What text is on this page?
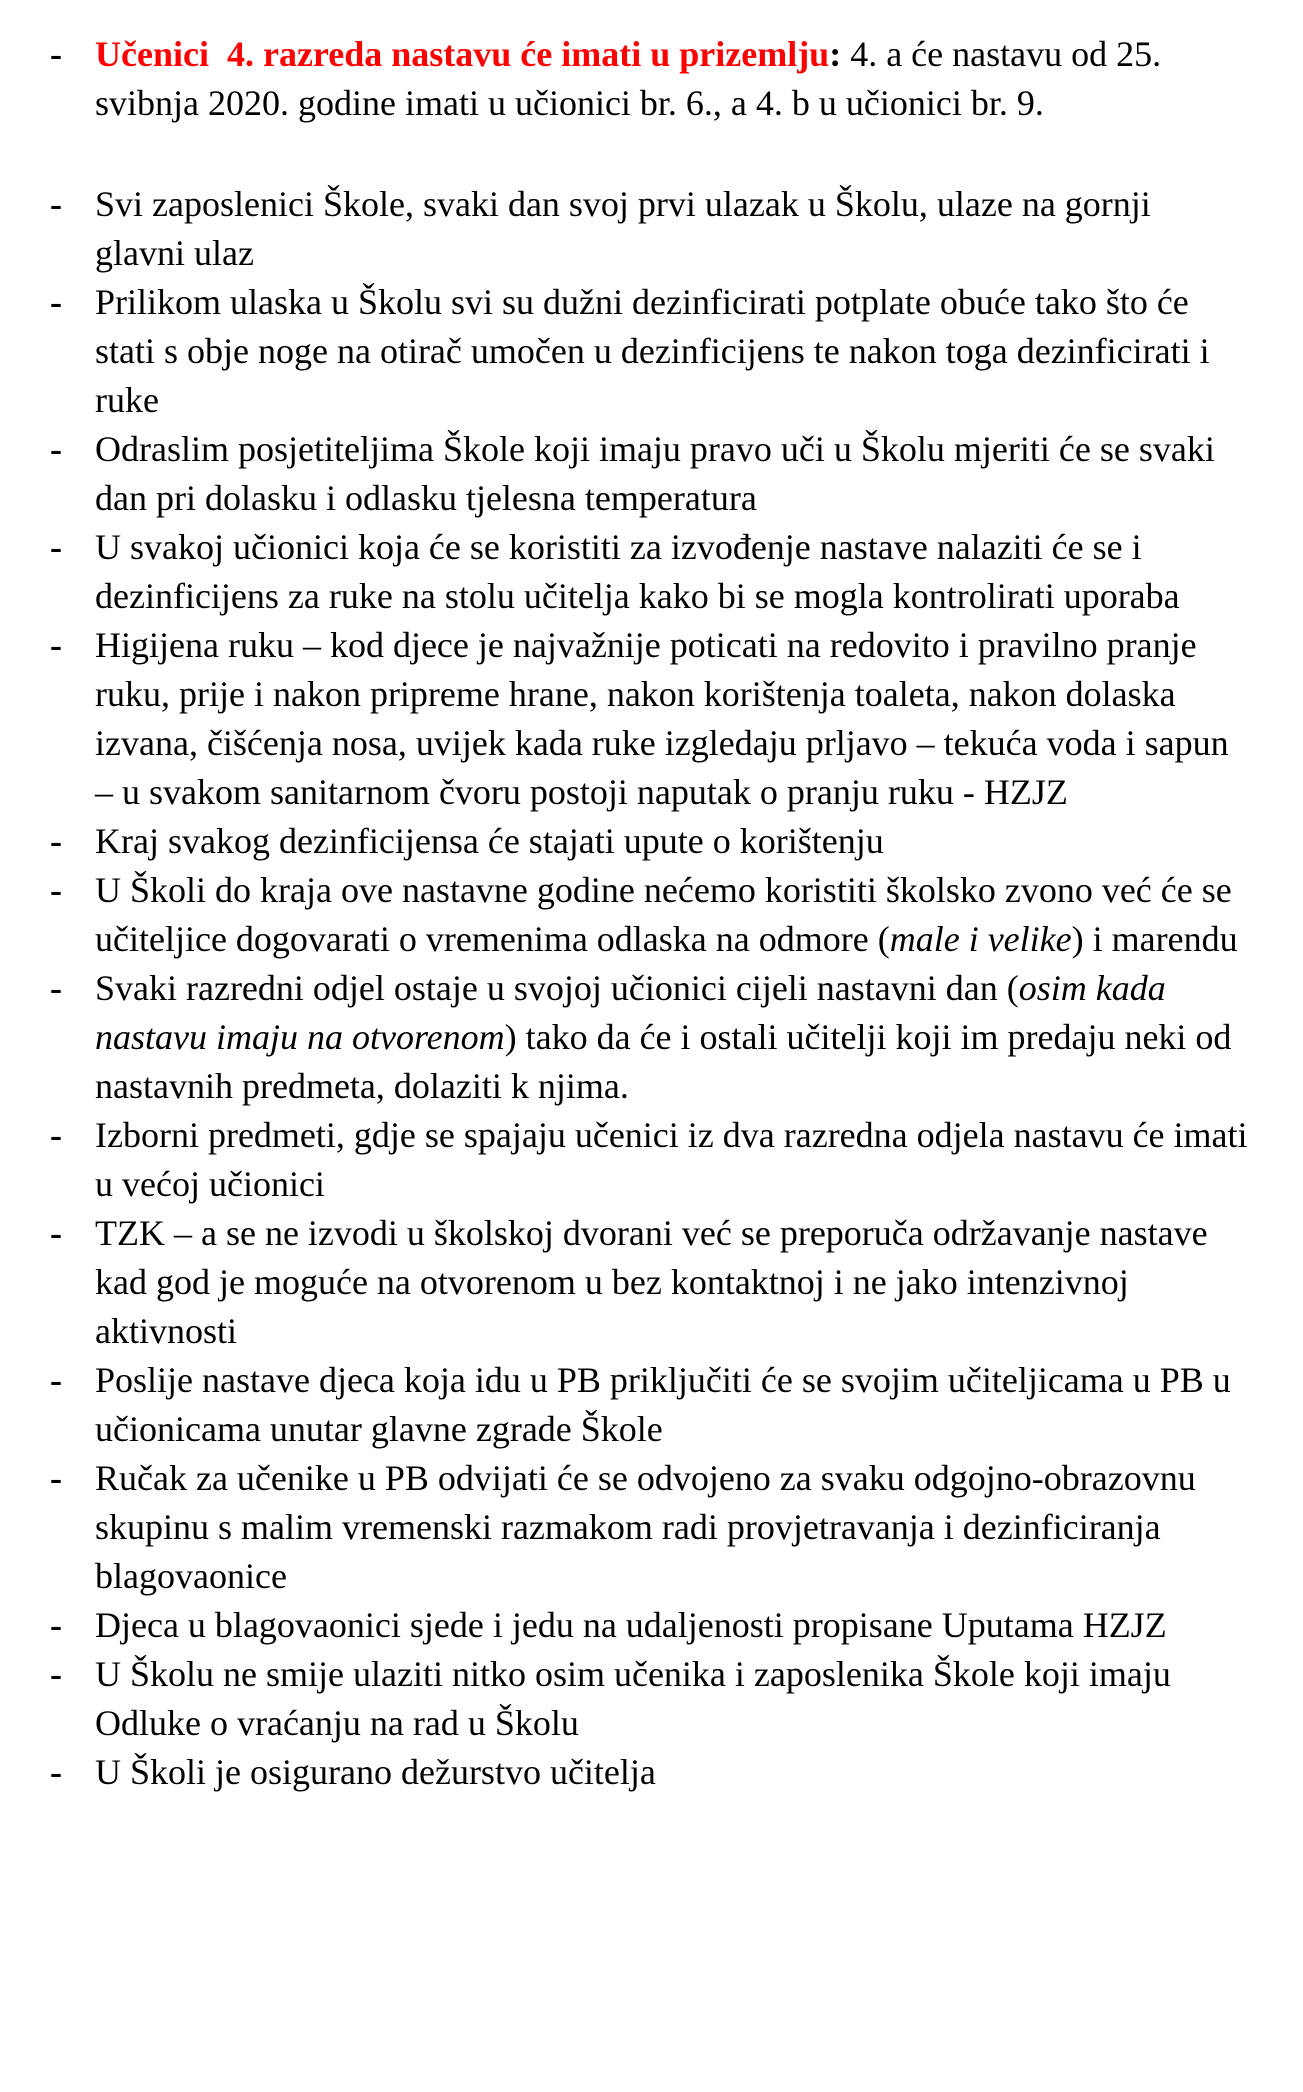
- Učenici  4. razreda nastavu će imati u prizemlju: 4. a će nastavu od 25. svibnja 2020. godine imati u učionici br. 6., a 4. b u učionici br. 9.
- Svi zaposlenici Škole, svaki dan svoj prvi ulazak u Školu, ulaze na gornji glavni ulaz
- Prilikom ulaska u Školu svi su dužni dezinficirati potplate obuće tako što će stati s obje noge na otirač umočen u dezinficijens te nakon toga dezinficirati i ruke
- Odraslim posjetiteljima Škole koji imaju pravo uči u Školu mjeriti će se svaki dan pri dolasku i odlasku tjelesna temperatura
- U svakoj učionici koja će se koristiti za izvođenje nastave nalaziti će se i dezinficijens za ruke na stolu učitelja kako bi se mogla kontrolirati uporaba
- Higijena ruku – kod djece je najvažnije poticati na redovito i pravilno pranje ruku, prije i nakon pripreme hrane, nakon korištenja toaleta, nakon dolaska izvana, čišćenja nosa, uvijek kada ruke izgledaju prljavo – tekuća voda i sapun – u svakom sanitarnom čvoru postoji naputak o pranju ruku - HZJZ
- Kraj svakog dezinficijensa će stajati upute o korištenju
- U Školi do kraja ove nastavne godine nećemo koristiti školsko zvono već će se učiteljice dogovarati o vremenima odlaska na odmore (male i velike) i marendu
- Svaki razredni odjel ostaje u svojoj učionici cijeli nastavni dan (osim kada nastavu imaju na otvorenom) tako da će i ostali učitelji koji im predaju neki od nastavnih predmeta, dolaziti k njima.
- Izborni predmeti, gdje se spajaju učenici iz dva razredna odjela nastavu će imati u većoj učionici
- TZK – a se ne izvodi u školskoj dvorani već se preporuča održavanje nastave kad god je moguće na otvorenom u bez kontaktnoj i ne jako intenzivnoj aktivnosti
- Poslije nastave djeca koja idu u PB priključiti će se svojim učiteljicama u PB u učionicama unutar glavne zgrade Škole
- Ručak za učenike u PB odvijati će se odvojeno za svaku odgojno-obrazovnu skupinu s malim vremenski razmakom radi provjetravanja i dezinficiranja blagovaonice
- Djeca u blagovaonici sjede i jedu na udaljenosti propisane Uputama HZJZ
- U Školu ne smije ulaziti nitko osim učenika i zaposlenika Škole koji imaju Odluke o vraćanju na rad u Školu
- U Školi je osigurano dežurstvo učitelja
